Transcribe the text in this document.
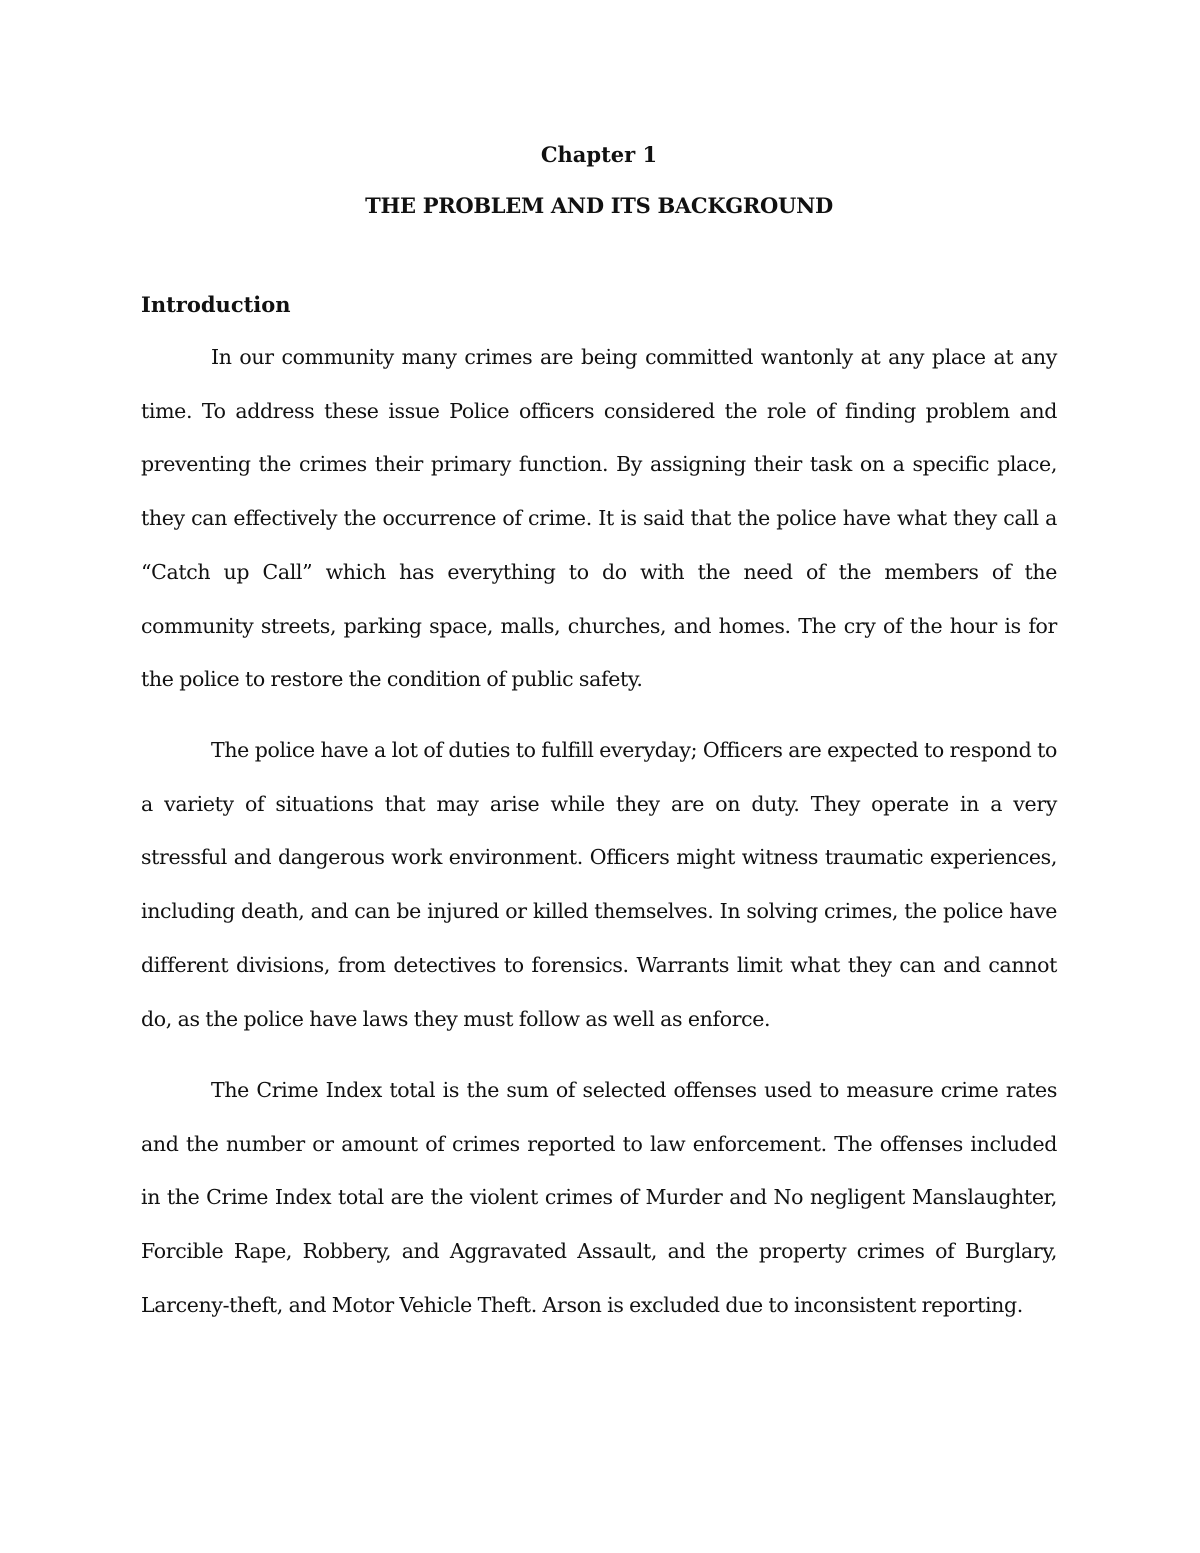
Chapter 1
THE PROBLEM AND ITS BACKGROUND
Introduction

In our community many crimes are being committed wantonly at any place at any time. To address these issue Police officers considered the role of finding problem and preventing the crimes their primary function. By assigning their task on a specific place, they can effectively the occurrence of crime. It is said that the police have what they call a “Catch up Call” which has everything to do with the need of the members of the community streets, parking space, malls, churches, and homes. The cry of the hour is for the police to restore the condition of public safety.

The police have a lot of duties to fulfill everyday; Officers are expected to respond to a variety of situations that may arise while they are on duty. They operate in a very stressful and dangerous work environment. Officers might witness traumatic experiences, including death, and can be injured or killed themselves. In solving crimes, the police have different divisions, from detectives to forensics. Warrants limit what they can and cannot do, as the police have laws they must follow as well as enforce.

The Crime Index total is the sum of selected offenses used to measure crime rates and the number or amount of crimes reported to law enforcement. The offenses included in the Crime Index total are the violent crimes of Murder and No negligent Manslaughter, Forcible Rape, Robbery, and Aggravated Assault, and the property crimes of Burglary, Larceny-theft, and Motor Vehicle Theft. Arson is excluded due to inconsistent reporting.
